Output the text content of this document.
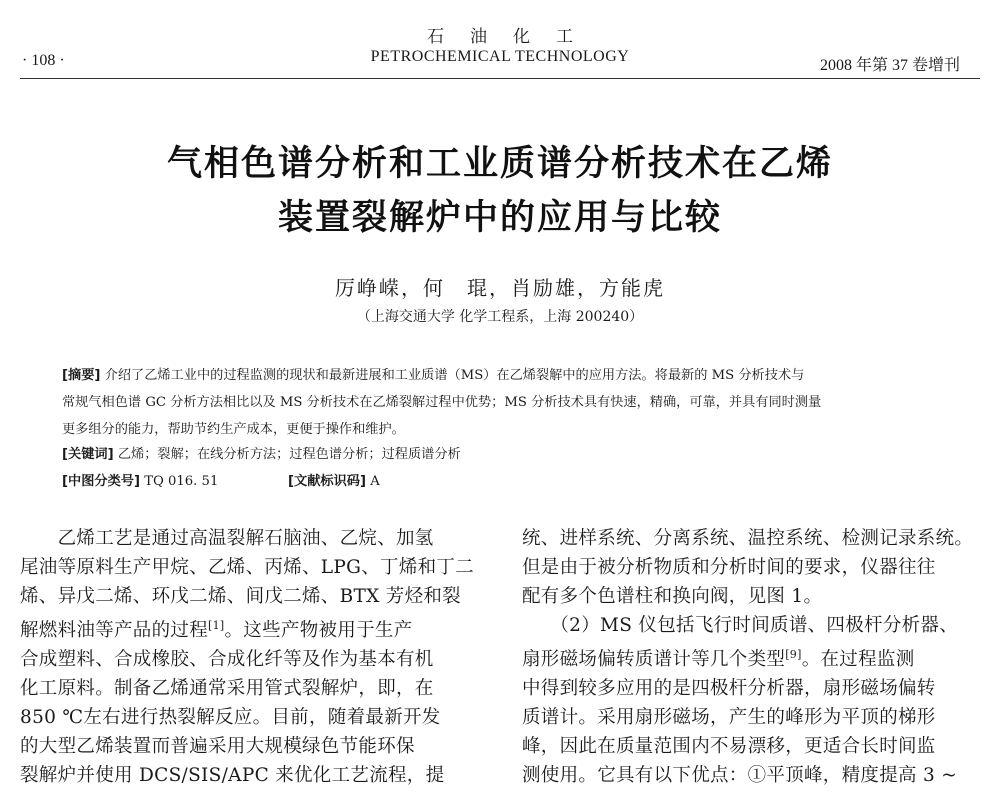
石油化工
· 108 ·	PETROCHEMICAL TECHNOLOGY
2008 年第 37 卷增刊
气相色谱分析和工业质谱分析技术在乙烯
装置裂解炉中的应用与比较
厉峥嵘，何　琨，肖励雄，方能虎
（上海交通大学 化学工程系，上海 200240）

[摘要] 介绍了乙烯工业中的过程监测的现状和最新进展和工业质谱（MS）在乙烯裂解中的应用方法。将最新的 MS 分析技术与

常规气相色谱 GC 分析方法相比以及 MS 分析技术在乙烯裂解过程中优势；MS 分析技术具有快速，精确，可靠，并具有同时测量

更多组分的能力，帮助节约生产成本，更便于操作和维护。

[关键词] 乙烯；裂解；在线分析方法；过程色谱分析；过程质谱分析
[中图分类号] TQ 016. 51	[文献标识码] A

　　乙烯工艺是通过高温裂解石脑油、乙烷、加氢

尾油等原料生产甲烷、乙烯、丙烯、LPG、丁烯和丁二

烯、异戊二烯、环戊二烯、间戊二烯、BTX 芳烃和裂

解燃料油等产品的过程[1]。这些产物被用于生产

合成塑料、合成橡胶、合成化纤等及作为基本有机

化工原料。制备乙烯通常采用管式裂解炉，即，在

850 ℃左右进行热裂解反应。目前，随着最新开发

的大型乙烯装置而普遍采用大规模绿色节能环保

裂解炉并使用 DCS/SIS/APC 来优化工艺流程，提

统、进样系统、分离系统、温控系统、检测记录系统。

但是由于被分析物质和分析时间的要求，仪器往往

配有多个色谱柱和换向阀，见图 1。

　　（2）MS 仪包括飞行时间质谱、四极杆分析器、

扇形磁场偏转质谱计等几个类型[9]。在过程监测

中得到较多应用的是四极杆分析器，扇形磁场偏转

质谱计。采用扇形磁场，产生的峰形为平顶的梯形

峰，因此在质量范围内不易漂移，更适合长时间监

测使用。它具有以下优点：①平顶峰，精度提高 3 ~
